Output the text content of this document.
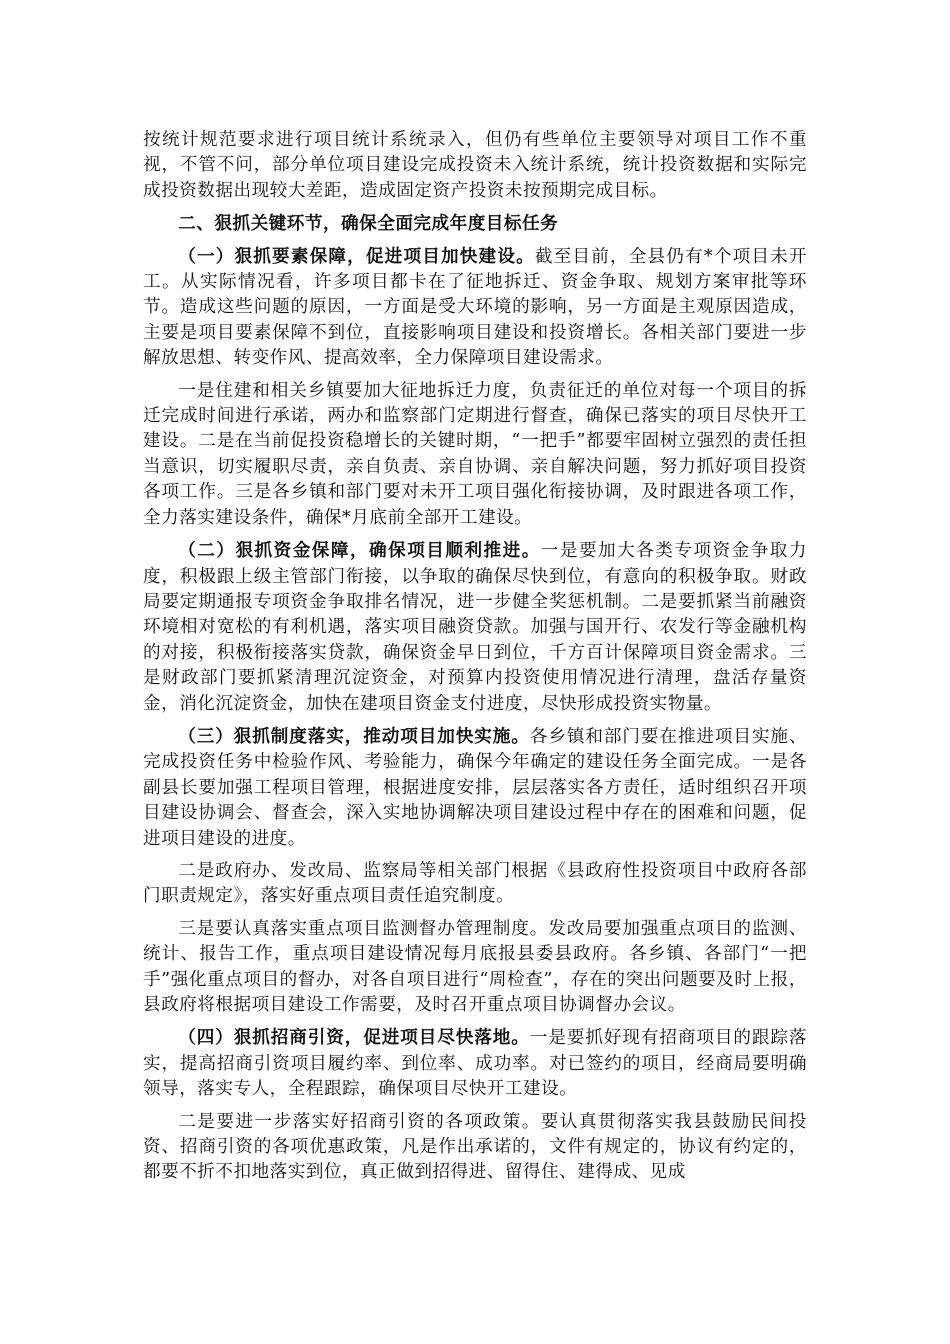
按统计规范要求进行项目统计系统录入，但仍有些单位主要领导对项目工作不重视，不管不问，部分单位项目建设完成投资未入统计系统，统计投资数据和实际完成投资数据出现较大差距，造成固定资产投资未按预期完成目标。

二、狠抓关键环节，确保全面完成年度目标任务

（一）狠抓要素保障，促进项目加快建设。截至目前，全县仍有*个项目未开工。从实际情况看，许多项目都卡在了征地拆迁、资金争取、规划方案审批等环节。造成这些问题的原因，一方面是受大环境的影响，另一方面是主观原因造成，主要是项目要素保障不到位，直接影响项目建设和投资增长。各相关部门要进一步解放思想、转变作风、提高效率，全力保障项目建设需求。

一是住建和相关乡镇要加大征地拆迁力度，负责征迁的单位对每一个项目的拆迁完成时间进行承诺，两办和监察部门定期进行督查，确保已落实的项目尽快开工建设。二是在当前促投资稳增长的关键时期，“一把手”都要牢固树立强烈的责任担当意识，切实履职尽责，亲自负责、亲自协调、亲自解决问题，努力抓好项目投资各项工作。三是各乡镇和部门要对未开工项目强化衔接协调，及时跟进各项工作，全力落实建设条件，确保*月底前全部开工建设。

（二）狠抓资金保障，确保项目顺利推进。一是要加大各类专项资金争取力度，积极跟上级主管部门衔接，以争取的确保尽快到位，有意向的积极争取。财政局要定期通报专项资金争取排名情况，进一步健全奖惩机制。二是要抓紧当前融资环境相对宽松的有利机遇，落实项目融资贷款。加强与国开行、农发行等金融机构的对接，积极衔接落实贷款，确保资金早日到位，千方百计保障项目资金需求。三是财政部门要抓紧清理沉淀资金，对预算内投资使用情况进行清理，盘活存量资金，消化沉淀资金，加快在建项目资金支付进度，尽快形成投资实物量。

（三）狠抓制度落实，推动项目加快实施。各乡镇和部门要在推进项目实施、完成投资任务中检验作风、考验能力，确保今年确定的建设任务全面完成。一是各副县长要加强工程项目管理，根据进度安排，层层落实各方责任，适时组织召开项目建设协调会、督查会，深入实地协调解决项目建设过程中存在的困难和问题，促进项目建设的进度。

二是政府办、发改局、监察局等相关部门根据《县政府性投资项目中政府各部门职责规定》，落实好重点项目责任追究制度。

三是要认真落实重点项目监测督办管理制度。发改局要加强重点项目的监测、统计、报告工作，重点项目建设情况每月底报县委县政府。各乡镇、各部门“一把手”强化重点项目的督办，对各自项目进行“周检查”，存在的突出问题要及时上报，县政府将根据项目建设工作需要，及时召开重点项目协调督办会议。

（四）狠抓招商引资，促进项目尽快落地。一是要抓好现有招商项目的跟踪落实，提高招商引资项目履约率、到位率、成功率。对已签约的项目，经商局要明确领导，落实专人，全程跟踪，确保项目尽快开工建设。

二是要进一步落实好招商引资的各项政策。要认真贯彻落实我县鼓励民间投资、招商引资的各项优惠政策，凡是作出承诺的，文件有规定的，协议有约定的，都要不折不扣地落实到位，真正做到招得进、留得住、建得成、见成
